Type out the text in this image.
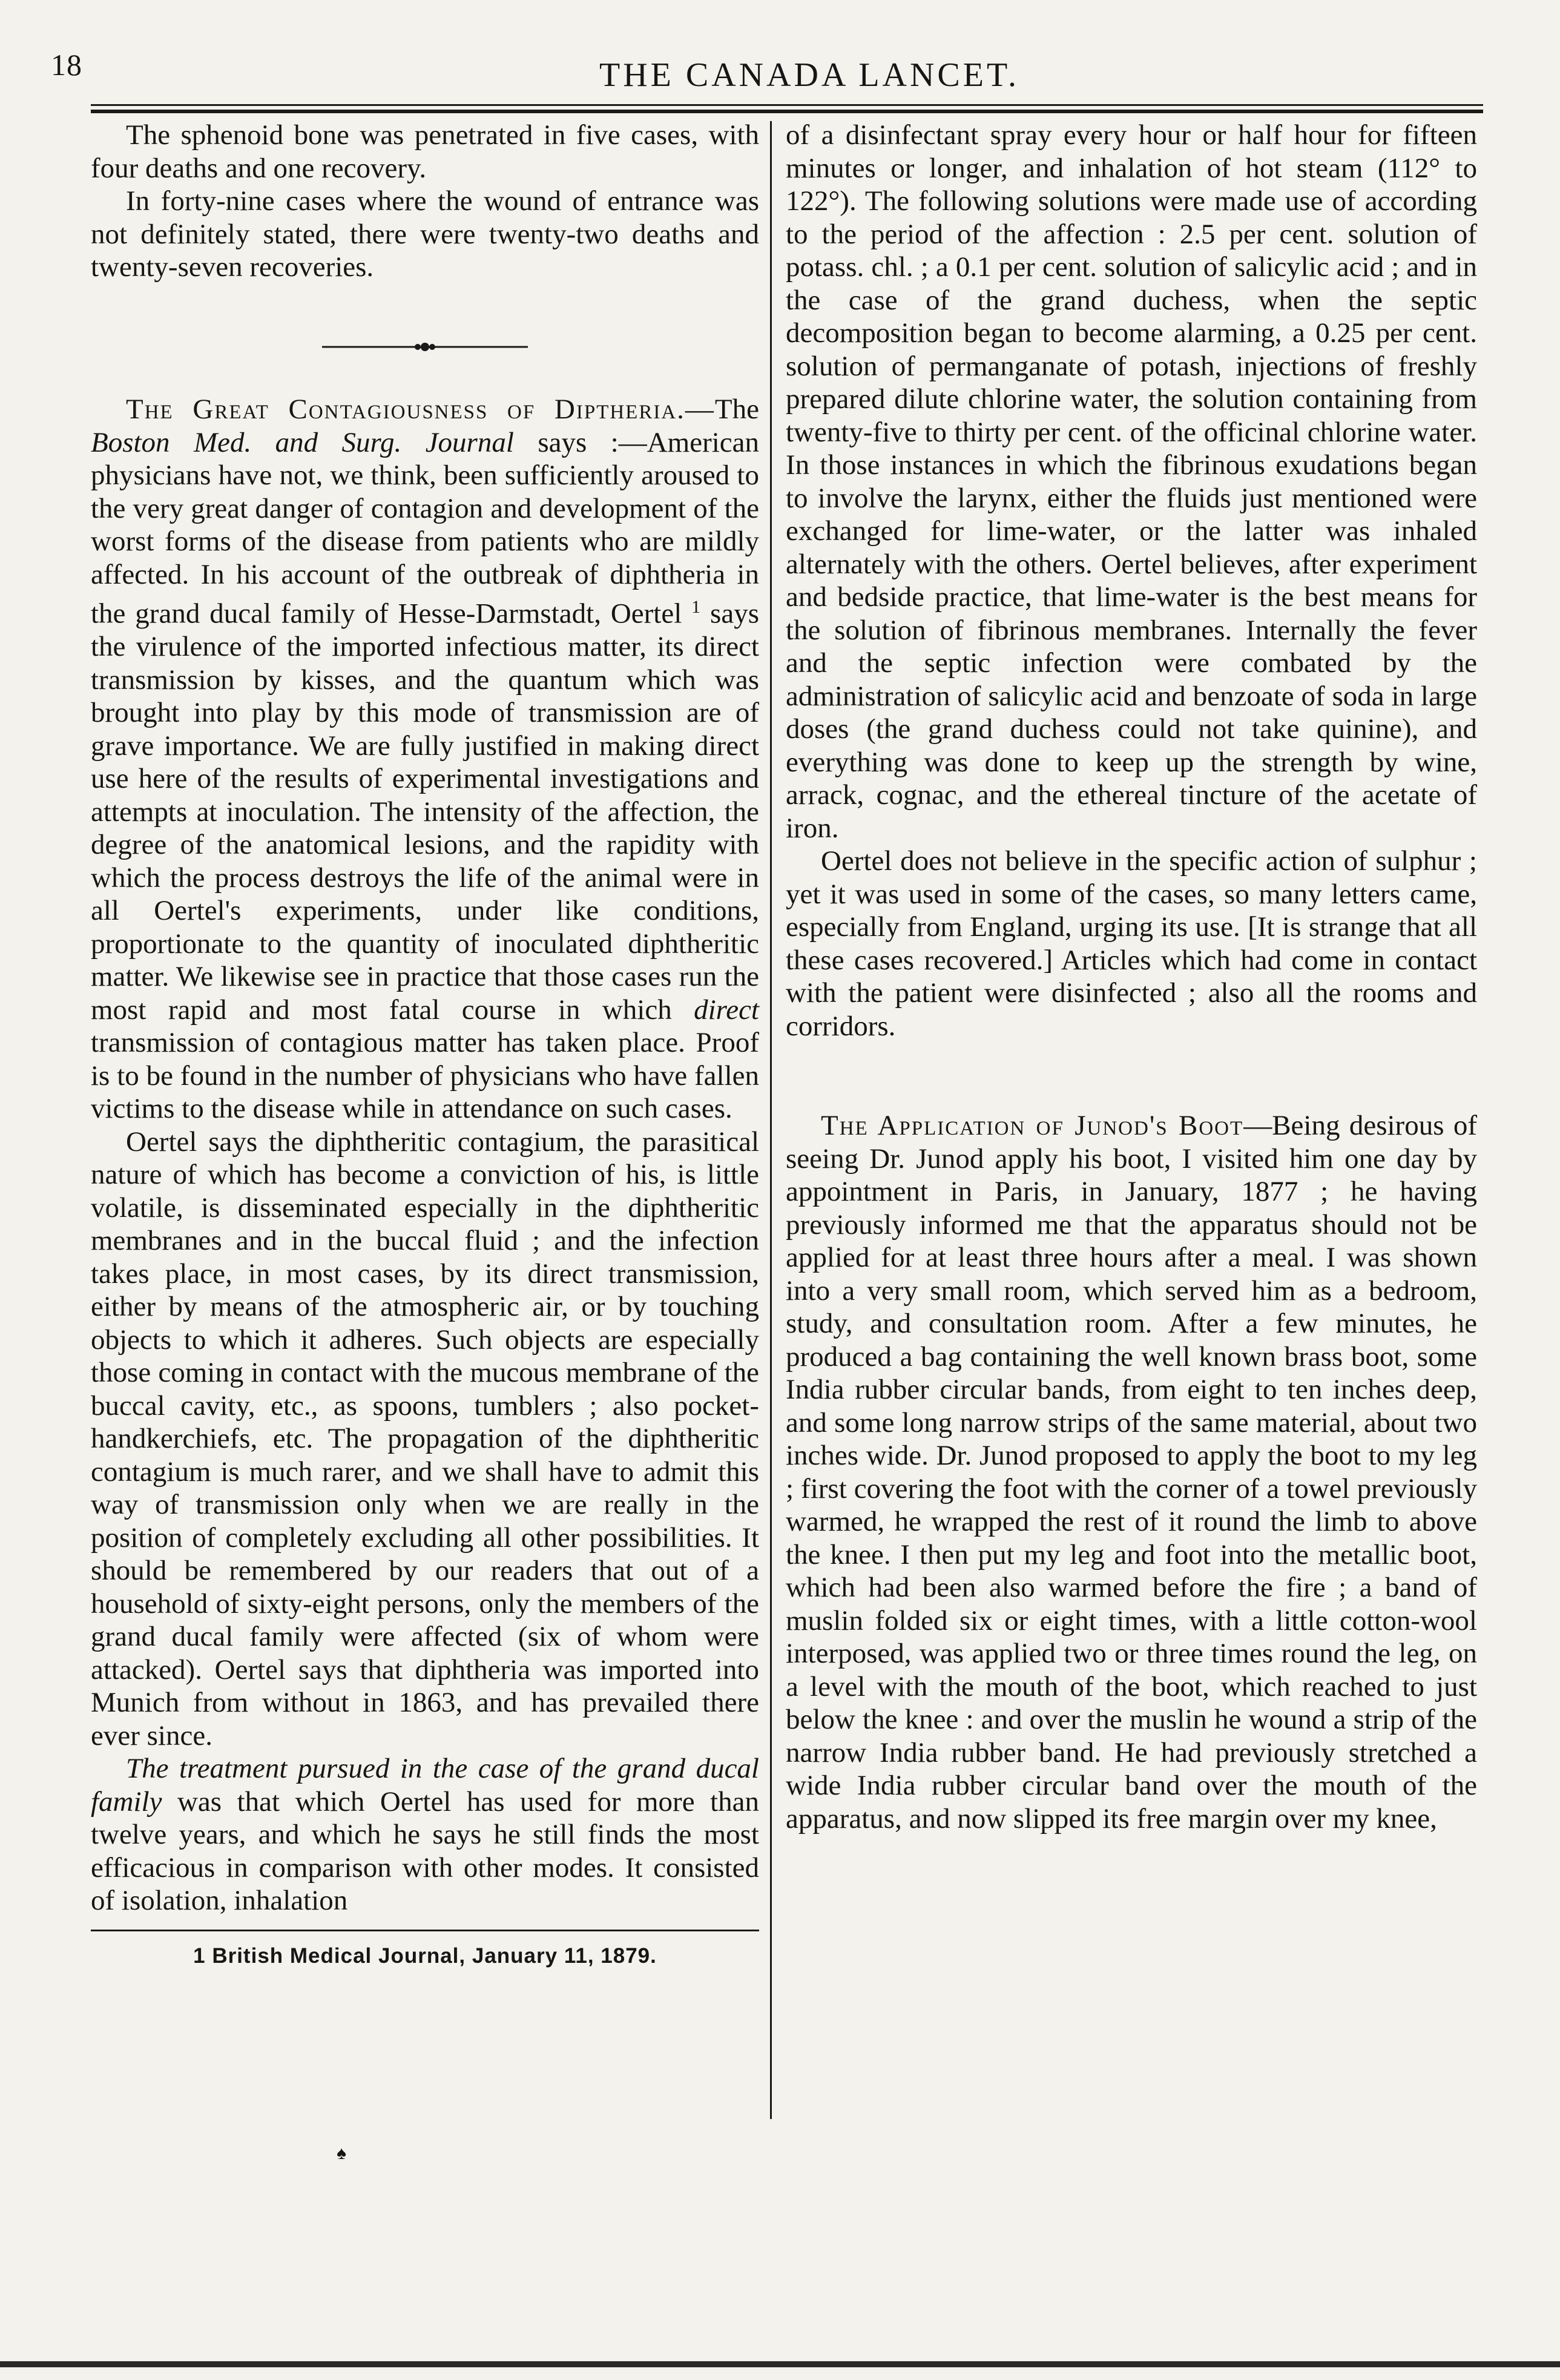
18	THE CANADA LANCET.

The sphenoid bone was penetrated in five cases, with four deaths and one recovery.

In forty-nine cases where the wound of entrance was not definitely stated, there were twenty-two deaths and twenty-seven recoveries.

The Great Contagiousness of Diptheria.—The Boston Med. and Surg. Journal says :—American physicians have not, we think, been sufficiently aroused to the very great danger of contagion and development of the worst forms of the disease from patients who are mildly affected. In his account of the outbreak of diphtheria in the grand ducal family of Hesse-Darmstadt, Oertel $^1$ says the virulence of the imported infectious matter, its direct transmission by kisses, and the quantum which was brought into play by this mode of transmission are of grave importance. We are fully justified in making direct use here of the results of experimental investigations and attempts at inoculation. The intensity of the affection, the degree of the anatomical lesions, and the rapidity with which the process destroys the life of the animal were in all Oertel's experiments, under like conditions, proportionate to the quantity of inoculated diphtheritic matter. We likewise see in practice that those cases run the most rapid and most fatal course in which direct transmission of contagious matter has taken place. Proof is to be found in the number of physicians who have fallen victims to the disease while in attendance on such cases.

Oertel says the diphtheritic contagium, the parasitical nature of which has become a conviction of his, is little volatile, is disseminated especially in the diphtheritic membranes and in the buccal fluid ; and the infection takes place, in most cases, by its direct transmission, either by means of the atmospheric air, or by touching objects to which it adheres. Such objects are especially those coming in contact with the mucous membrane of the buccal cavity, etc., as spoons, tumblers ; also pocket-handkerchiefs, etc. The propagation of the diphtheritic contagium is much rarer, and we shall have to admit this way of transmission only when we are really in the position of completely excluding all other possibilities. It should be remembered by our readers that out of a household of sixty-eight persons, only the members of the grand ducal family were affected (six of whom were attacked). Oertel says that diphtheria was imported into Munich from without in 1863, and has prevailed there ever since.

The treatment pursued in the case of the grand ducal family was that which Oertel has used for more than twelve years, and which he says he still finds the most efficacious in comparison with other modes. It consisted of isolation, inhalation

1 British Medical Journal, January 11, 1879.

of a disinfectant spray every hour or half hour for fifteen minutes or longer, and inhalation of hot steam (112° to 122°). The following solutions were made use of according to the period of the affection : 2.5 per cent. solution of potass. chl. ; a 0.1 per cent. solution of salicylic acid ; and in the case of the grand duchess, when the septic decomposition began to become alarming, a 0.25 per cent. solution of permanganate of potash, injections of freshly prepared dilute chlorine water, the solution containing from twenty-five to thirty per cent. of the officinal chlorine water. In those instances in which the fibrinous exudations began to involve the larynx, either the fluids just mentioned were exchanged for lime-water, or the latter was inhaled alternately with the others. Oertel believes, after experiment and bedside practice, that lime-water is the best means for the solution of fibrinous membranes. Internally the fever and the septic infection were combated by the administration of salicylic acid and benzoate of soda in large doses (the grand duchess could not take quinine), and everything was done to keep up the strength by wine, arrack, cognac, and the ethereal tincture of the acetate of iron.

Oertel does not believe in the specific action of sulphur ; yet it was used in some of the cases, so many letters came, especially from England, urging its use. [It is strange that all these cases recovered.] Articles which had come in contact with the patient were disinfected ; also all the rooms and corridors.

The Application of Junod's Boot—Being desirous of seeing Dr. Junod apply his boot, I visited him one day by appointment in Paris, in January, 1877 ; he having previously informed me that the apparatus should not be applied for at least three hours after a meal. I was shown into a very small room, which served him as a bedroom, study, and consultation room. After a few minutes, he produced a bag containing the well known brass boot, some India rubber circular bands, from eight to ten inches deep, and some long narrow strips of the same material, about two inches wide. Dr. Junod proposed to apply the boot to my leg ; first covering the foot with the corner of a towel previously warmed, he wrapped the rest of it round the limb to above the knee. I then put my leg and foot into the metallic boot, which had been also warmed before the fire ; a band of muslin folded six or eight times, with a little cotton-wool interposed, was applied two or three times round the leg, on a level with the mouth of the boot, which reached to just below the knee : and over the muslin he wound a strip of the narrow India rubber band. He had previously stretched a wide India rubber circular band over the mouth of the apparatus, and now slipped its free margin over my knee,

♠
